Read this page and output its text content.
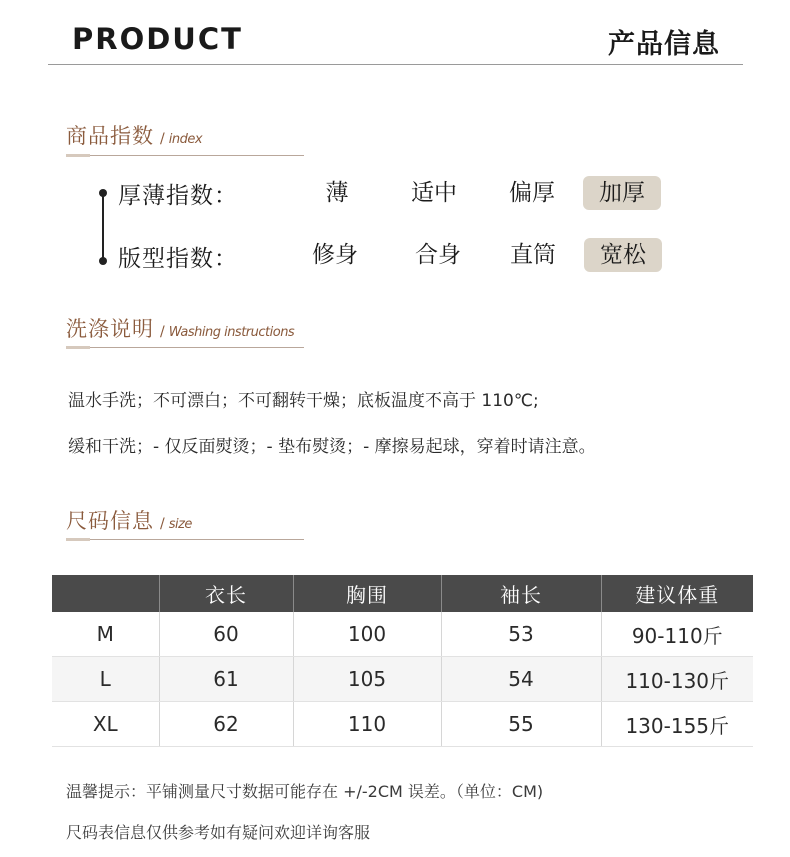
PRODUCT	产品信息
商品指数 / index
厚薄指数：	薄	适中	偏厚	加厚
版型指数：	修身	合身	直筒	宽松
洗涤说明 / Washing instructions
温水手洗；不可漂白；不可翻转干燥；底板温度不高于 110℃;
缓和干洗；- 仅反面熨烫；- 垫布熨烫；- 摩擦易起球，穿着时请注意。
尺码信息 / size
	衣长	胸围	袖长	建议体重
M	60	100	53	90-110斤
L	61	105	54	110-130斤
XL	62	110	55	130-155斤
温馨提示：平铺测量尺寸数据可能存在 +/-2CM 误差。（单位：CM)
尺码表信息仅供参考如有疑问欢迎详询客服
